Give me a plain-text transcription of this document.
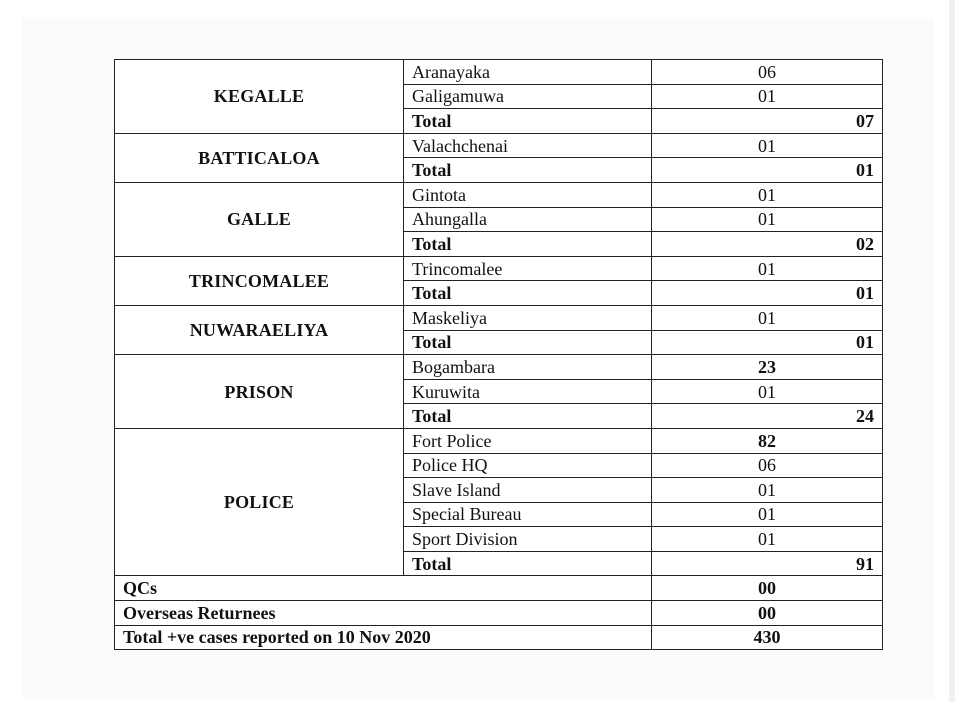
KEGALLE	Aranayaka	06
	Galigamuwa	01
	Total	07
BATTICALOA	Valachchenai	01
	Total	01
GALLE	Gintota	01
	Ahungalla	01
	Total	02
TRINCOMALEE	Trincomalee	01
	Total	01
NUWARAELIYA	Maskeliya	01
	Total	01
PRISON	Bogambara	23
	Kuruwita	01
	Total	24
POLICE	Fort Police	82
	Police HQ	06
	Slave Island	01
	Special Bureau	01
	Sport Division	01
	Total	91
QCs		00
Overseas Returnees		00
Total +ve cases reported on 10 Nov 2020		430
